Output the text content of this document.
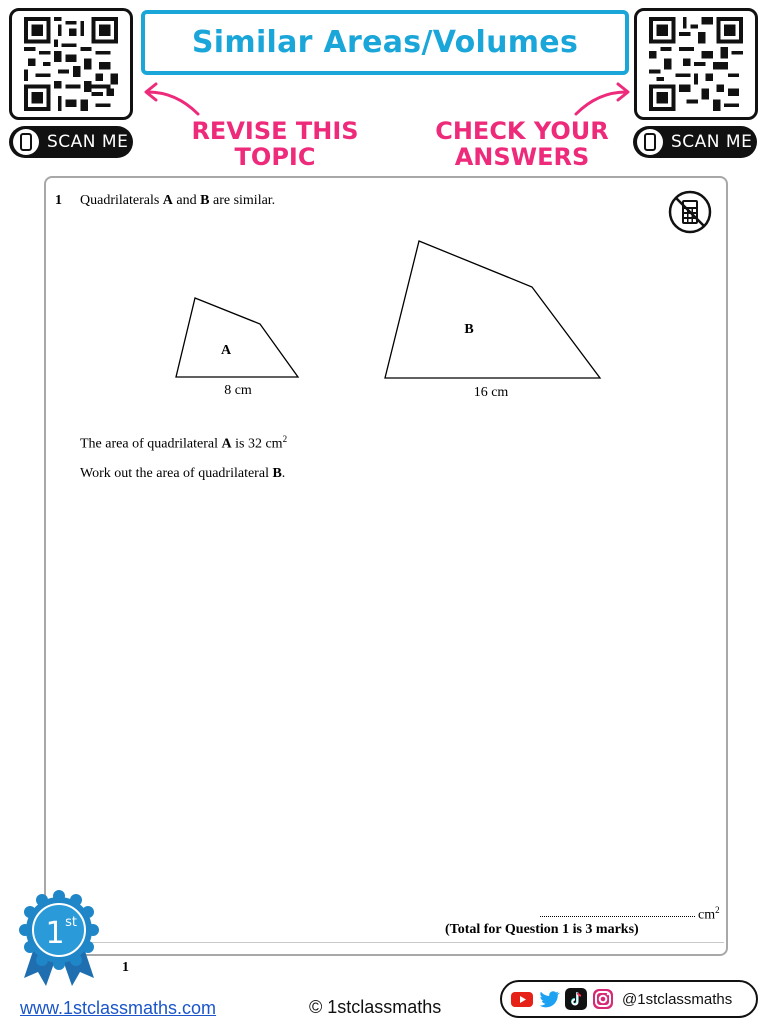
SCAN ME	SCAN ME
Similar Areas/Volumes
REVISE THIS
TOPIC
CHECK YOUR
ANSWERS
1 Quadrilaterals A and B are similar.
A
8 cm
B
16 cm
The area of quadrilateral A is 32 $cm^2$
Work out the area of quadrilateral B.
$cm^2$
(Total for Question 1 is 3 marks)
1
1 st
www.1stclassmaths.com	© 1stclassmaths	@1stclassmaths
